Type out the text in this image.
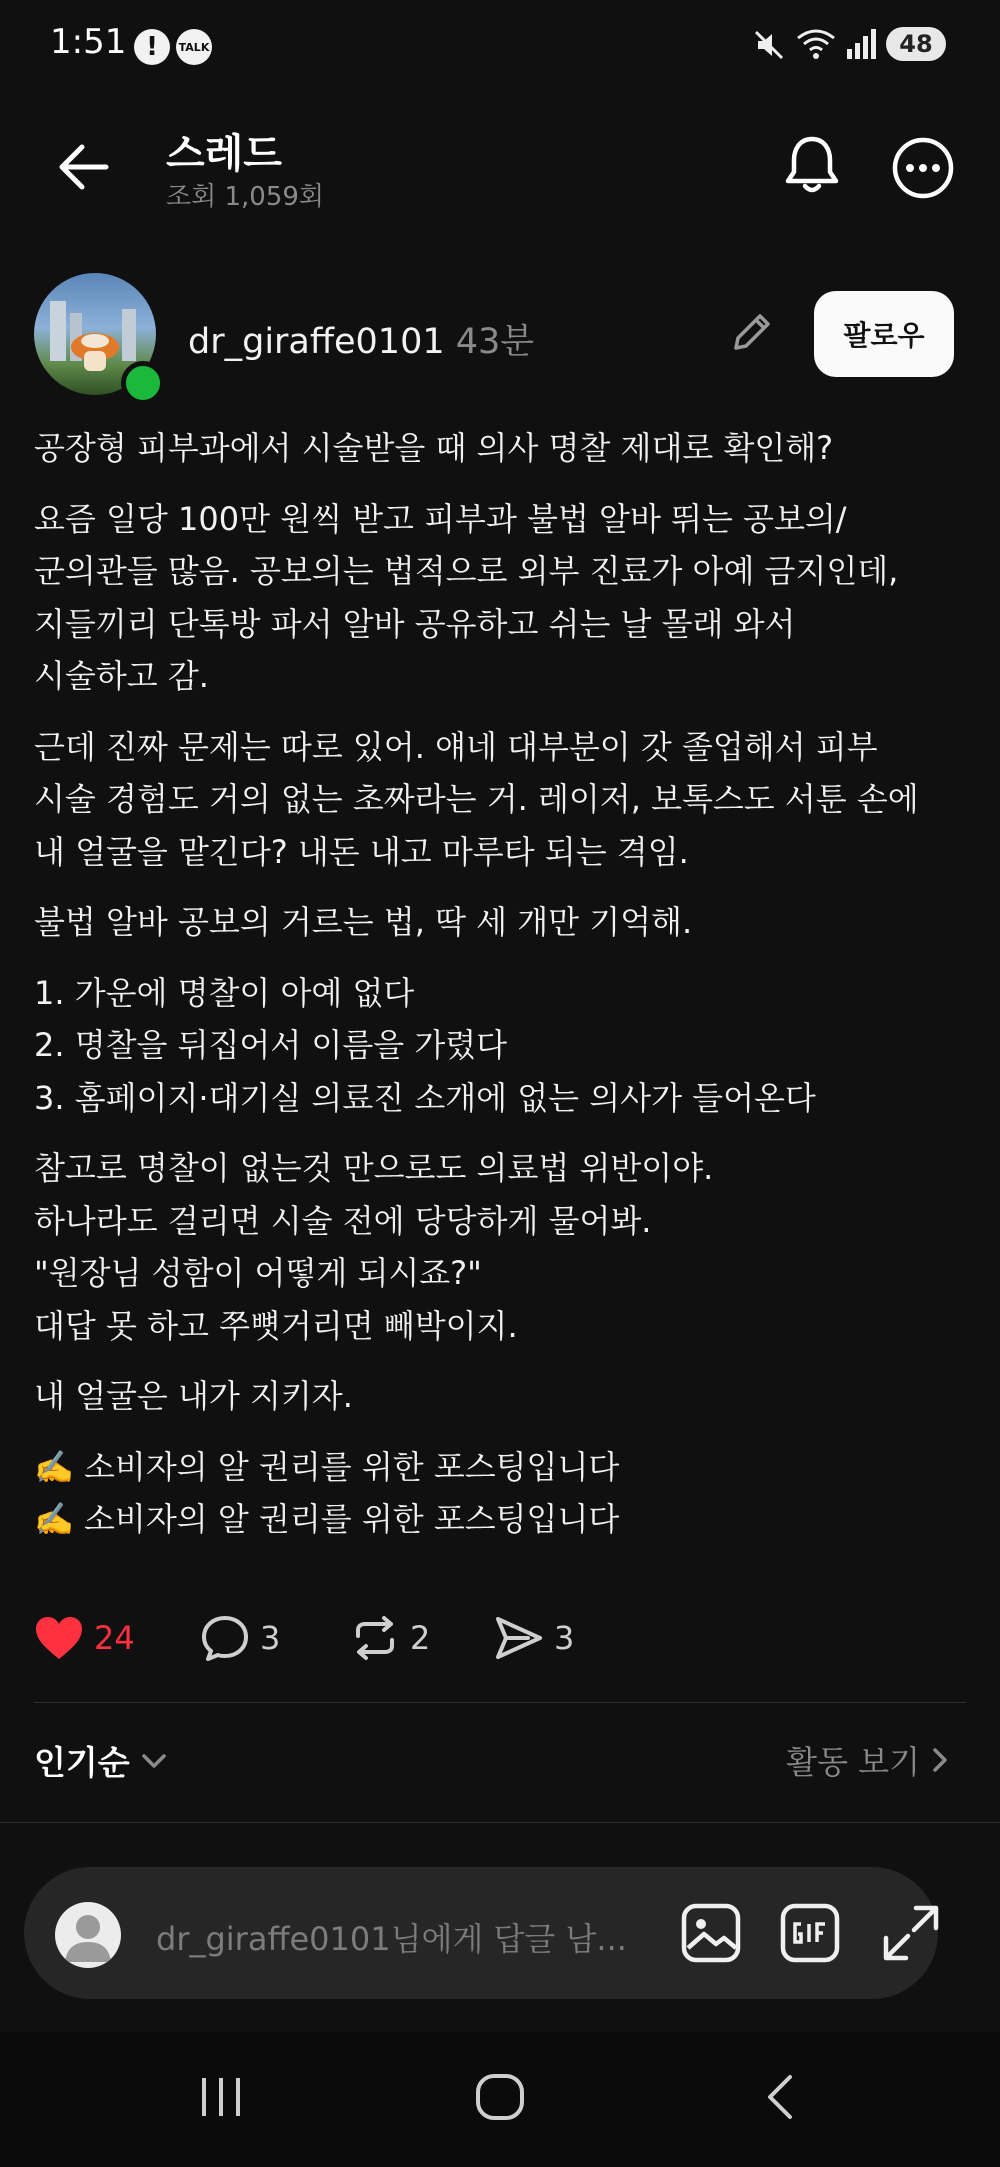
1:51 ! TALK	48
스레드
조회 1,059회
dr_giraffe0101 43분	팔로우

공장형 피부과에서 시술받을 때 의사 명찰 제대로 확인해?

요즘 일당 100만 원씩 받고 피부과 불법 알바 뛰는 공보의/
군의관들 많음. 공보의는 법적으로 외부 진료가 아예 금지인데,
지들끼리 단톡방 파서 알바 공유하고 쉬는 날 몰래 와서
시술하고 감.

근데 진짜 문제는 따로 있어. 얘네 대부분이 갓 졸업해서 피부
시술 경험도 거의 없는 초짜라는 거. 레이저, 보톡스도 서툰 손에
내 얼굴을 맡긴다? 내돈 내고 마루타 되는 격임.

불법 알바 공보의 거르는 법, 딱 세 개만 기억해.

1. 가운에 명찰이 아예 없다
2. 명찰을 뒤집어서 이름을 가렸다
3. 홈페이지·대기실 의료진 소개에 없는 의사가 들어온다

참고로 명찰이 없는것 만으로도 의료법 위반이야.
하나라도 걸리면 시술 전에 당당하게 물어봐.
"원장님 성함이 어떻게 되시죠?"
대답 못 하고 쭈뼛거리면 빼박이지.

내 얼굴은 내가 지키자.

✍️ 소비자의 알 권리를 위한 포스팅입니다
✍️ 소비자의 알 권리를 위한 포스팅입니다

24	3	2	3
인기순	활동 보기
dr_giraffe0101님에게 답글 남...
